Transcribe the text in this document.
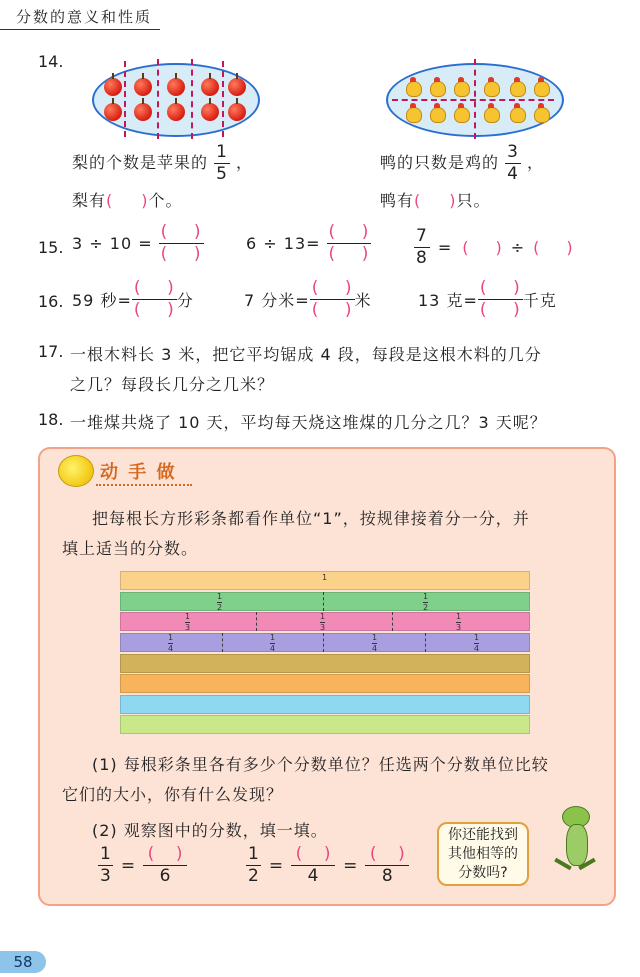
分数的意义和性质
14.
梨的个数是苹果的 $\frac{1}{5}$ ，
梨有( )个。
鸭的只数是鸡的 $\frac{3}{4}$ ，
鸭有( )只。
15. $3 \div 10 = \frac{( )}{( )}$	$6 \div 13= \frac{( )}{( )}$	$\frac{7}{8}$ = ( ) ÷ ( )
16. 59 秒= $\frac{( )}{( )}$ 分	7 分米= $\frac{( )}{( )}$ 米	13 克= $\frac{( )}{( )}$ 千克
17. 一根木料长 3 米，把它平均锯成 4 段，每段是这根木料的几分
之几？每段长几分之几米？
18. 一堆煤共烧了 10 天，平均每天烧这堆煤的几分之几？3 天呢？
动 手 做
把每根长方形彩条都看作单位“1”，按规律接着分一分，并
填上适当的分数。
1
1
2
1
2
1
3
1
3
1
3
1
4
1
4
1
4
1
4
(1) 每根彩条里各有多少个分数单位？任选两个分数单位比较
它们的大小，你有什么发现？
(2) 观察图中的分数，填一填。
$\frac{1}{3} = \frac{( )}{6}$	$\frac{1}{2} = \frac{( )}{4} = \frac{( )}{8}$
你还能找到
其他相等的
分数吗?
58
